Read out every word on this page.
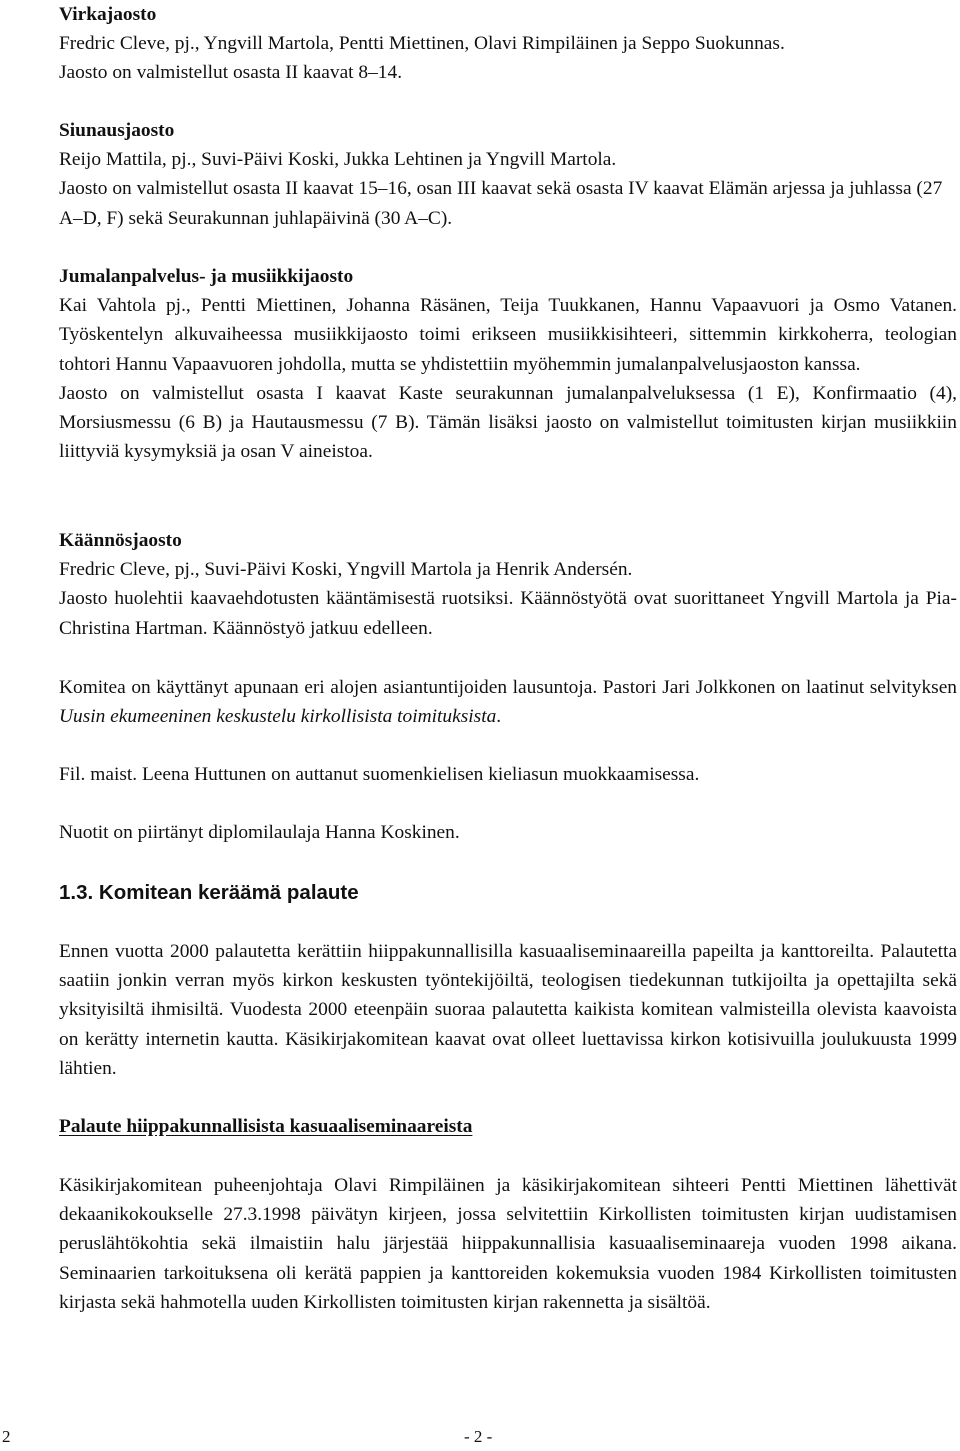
Virkajaosto

Fredric Cleve, pj., Yngvill Martola, Pentti Miettinen, Olavi Rimpiläinen ja Seppo Suokunnas.

Jaosto on valmistellut osasta II kaavat 8–14.

Siunausjaosto

Reijo Mattila, pj., Suvi-Päivi Koski, Jukka Lehtinen ja Yngvill Martola.

Jaosto on valmistellut osasta II kaavat 15–16, osan III kaavat sekä osasta IV kaavat Elämän arjessa ja juhlassa (27 A–D, F) sekä Seurakunnan juhlapäivinä (30 A–C).

Jumalanpalvelus- ja musiikkijaosto

Kai Vahtola pj., Pentti Miettinen, Johanna Räsänen, Teija Tuukkanen, Hannu Vapaavuori ja Osmo Vatanen. Työskentelyn alkuvaiheessa musiikkijaosto toimi erikseen musiikkisihteeri, sittemmin kirkkoherra, teologian tohtori Hannu Vapaavuoren johdolla, mutta se yhdistettiin myöhemmin jumalanpalvelusjaoston kanssa.

Jaosto on valmistellut osasta I kaavat Kaste seurakunnan jumalanpalveluksessa (1 E), Konfirmaatio (4), Morsiusmessu (6 B) ja Hautausmessu (7 B). Tämän lisäksi jaosto on valmistellut toimitusten kirjan musiikkiin liittyviä kysymyksiä ja osan V aineistoa.

Käännösjaosto

Fredric Cleve, pj., Suvi-Päivi Koski, Yngvill Martola ja Henrik Andersén.

Jaosto huolehtii kaavaehdotusten kääntämisestä ruotsiksi. Käännöstyötä ovat suorittaneet Yngvill Martola ja Pia-Christina Hartman. Käännöstyö jatkuu edelleen.

Komitea on käyttänyt apunaan eri alojen asiantuntijoiden lausuntoja. Pastori Jari Jolkkonen on laatinut selvityksen Uusin ekumeeninen keskustelu kirkollisista toimituksista.

Fil. maist. Leena Huttunen on auttanut suomenkielisen kieliasun muokkaamisessa.

Nuotit on piirtänyt diplomilaulaja Hanna Koskinen.

1.3. Komitean keräämä palaute

Ennen vuotta 2000 palautetta kerättiin hiippakunnallisilla kasuaaliseminaareilla papeilta ja kanttoreilta. Palautetta saatiin jonkin verran myös kirkon keskusten työntekijöiltä, teologisen tiedekunnan tutkijoilta ja opettajilta sekä yksityisiltä ihmisiltä. Vuodesta 2000 eteenpäin suoraa palautetta kaikista komitean valmisteilla olevista kaavoista on kerätty internetin kautta. Käsikirjakomitean kaavat ovat olleet luettavissa kirkon kotisivuilla joulukuusta 1999 lähtien.

Palaute hiippakunnallisista kasuaaliseminaareista

Käsikirjakomitean puheenjohtaja Olavi Rimpiläinen ja käsikirjakomitean sihteeri Pentti Miettinen lähettivät dekaanikokoukselle 27.3.1998 päivätyn kirjeen, jossa selvitettiin Kirkollisten toimitusten kirjan uudistamisen peruslähtökohtia sekä ilmaistiin halu järjestää hiippakunnallisia kasuaaliseminaareja vuoden 1998 aikana. Seminaarien tarkoituksena oli kerätä pappien ja kanttoreiden kokemuksia vuoden 1984 Kirkollisten toimitusten kirjasta sekä hahmotella uuden Kirkollisten toimitusten kirjan rakennetta ja sisältöä.

2	- 2 -
